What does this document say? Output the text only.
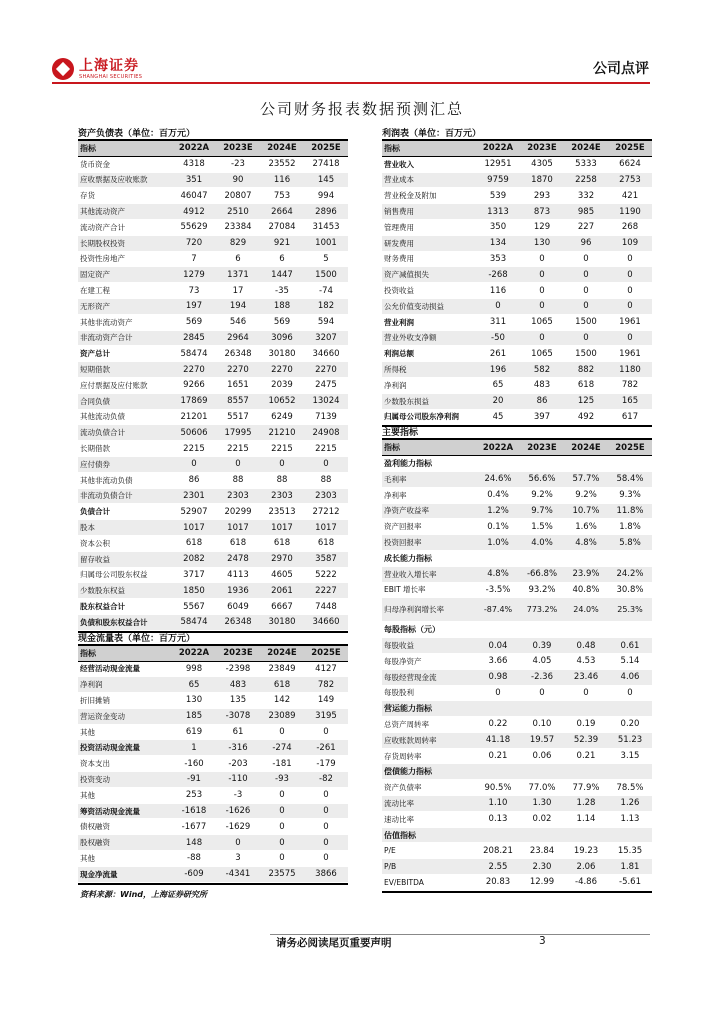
上海证券
SHANGHAI SECURITIES	公司点评
公司财务报表数据预测汇总
资产负债表（单位：百万元）
指标	2022A	2023E	2024E	2025E
货币资金	4318	-23	23552	27418
应收票据及应收账款	351	90	116	145
存货	46047	20807	753	994
其他流动资产	4912	2510	2664	2896
流动资产合计	55629	23384	27084	31453
长期股权投资	720	829	921	1001
投资性房地产	7	6	6	5
固定资产	1279	1371	1447	1500
在建工程	73	17	-35	-74
无形资产	197	194	188	182
其他非流动资产	569	546	569	594
非流动资产合计	2845	2964	3096	3207
资产总计	58474	26348	30180	34660
短期借款	2270	2270	2270	2270
应付票据及应付账款	9266	1651	2039	2475
合同负债	17869	8557	10652	13024
其他流动负债	21201	5517	6249	7139
流动负债合计	50606	17995	21210	24908
长期借款	2215	2215	2215	2215
应付债券	0	0	0	0
其他非流动负债	86	88	88	88
非流动负债合计	2301	2303	2303	2303
负债合计	52907	20299	23513	27212
股本	1017	1017	1017	1017
资本公积	618	618	618	618
留存收益	2082	2478	2970	3587
归属母公司股东权益	3717	4113	4605	5222
少数股东权益	1850	1936	2061	2227
股东权益合计	5567	6049	6667	7448
负债和股东权益合计	58474	26348	30180	34660
现金流量表（单位：百万元）
指标	2022A	2023E	2024E	2025E
经营活动现金流量	998	-2398	23849	4127
净利润	65	483	618	782
折旧摊销	130	135	142	149
营运资金变动	185	-3078	23089	3195
其他	619	61	0	0
投资活动现金流量	1	-316	-274	-261
资本支出	-160	-203	-181	-179
投资变动	-91	-110	-93	-82
其他	253	-3	0	0
筹资活动现金流量	-1618	-1626	0	0
债权融资	-1677	-1629	0	0
股权融资	148	0	0	0
其他	-88	3	0	0
现金净流量	-609	-4341	23575	3866
利润表（单位：百万元）
指标	2022A	2023E	2024E	2025E
营业收入	12951	4305	5333	6624
营业成本	9759	1870	2258	2753
营业税金及附加	539	293	332	421
销售费用	1313	873	985	1190
管理费用	350	129	227	268
研发费用	134	130	96	109
财务费用	353	0	0	0
资产减值损失	-268	0	0	0
投资收益	116	0	0	0
公允价值变动损益	0	0	0	0
营业利润	311	1065	1500	1961
营业外收支净额	-50	0	0	0
利润总额	261	1065	1500	1961
所得税	196	582	882	1180
净利润	65	483	618	782
少数股东损益	20	86	125	165
归属母公司股东净利润	45	397	492	617
主要指标
指标	2022A	2023E	2024E	2025E
盈利能力指标
毛利率	24.6%	56.6%	57.7%	58.4%
净利率	0.4%	9.2%	9.2%	9.3%
净资产收益率	1.2%	9.7%	10.7%	11.8%
资产回报率	0.1%	1.5%	1.6%	1.8%
投资回报率	1.0%	4.0%	4.8%	5.8%
成长能力指标
营业收入增长率	4.8%	-66.8%	23.9%	24.2%
EBIT 增长率	-3.5%	93.2%	40.8%	30.8%
归母净利润增长率	-87.4%	773.2%	24.0%	25.3%
每股指标（元）
每股收益	0.04	0.39	0.48	0.61
每股净资产	3.66	4.05	4.53	5.14
每股经营现金流	0.98	-2.36	23.46	4.06
每股股利	0	0	0	0
营运能力指标
总资产周转率	0.22	0.10	0.19	0.20
应收账款周转率	41.18	19.57	52.39	51.23
存货周转率	0.21	0.06	0.21	3.15
偿债能力指标
资产负债率	90.5%	77.0%	77.9%	78.5%
流动比率	1.10	1.30	1.28	1.26
速动比率	0.13	0.02	1.14	1.13
估值指标
P/E	208.21	23.84	19.23	15.35
P/B	2.55	2.30	2.06	1.81
EV/EBITDA	20.83	12.99	-4.86	-5.61
资料来源：Wind，上海证券研究所
请务必阅读尾页重要声明	3
